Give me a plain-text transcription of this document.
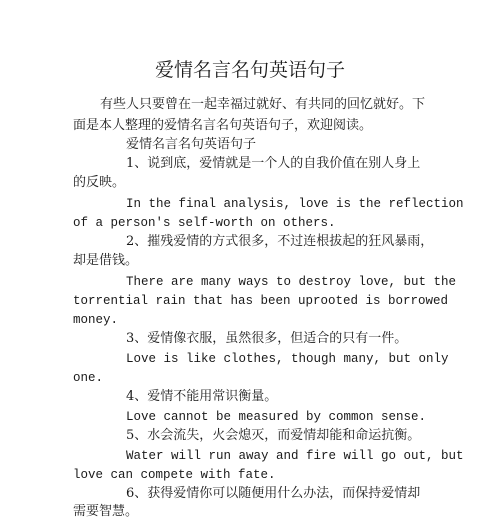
爱情名言名句英语句子
有些人只要曾在一起幸福过就好、有共同的回忆就好。下
面是本人整理的爱情名言名句英语句子，欢迎阅读。
爱情名言名句英语句子
1、说到底，爱情就是一个人的自我价值在别人身上
的反映。
In the final analysis, love is the reflection
of a person's self-worth on others.
2、摧残爱情的方式很多，不过连根拔起的狂风暴雨，
却是借钱。
There are many ways to destroy love, but the
torrential rain that has been uprooted is borrowed
money.
3、爱情像衣服，虽然很多，但适合的只有一件。
Love is like clothes, though many, but only
one.
4、爱情不能用常识衡量。
Love cannot be measured by common sense.
5、水会流失，火会熄灭，而爱情却能和命运抗衡。
Water will run away and fire will go out, but
love can compete with fate.
6、获得爱情你可以随便用什么办法，而保持爱情却
需要智慧。
